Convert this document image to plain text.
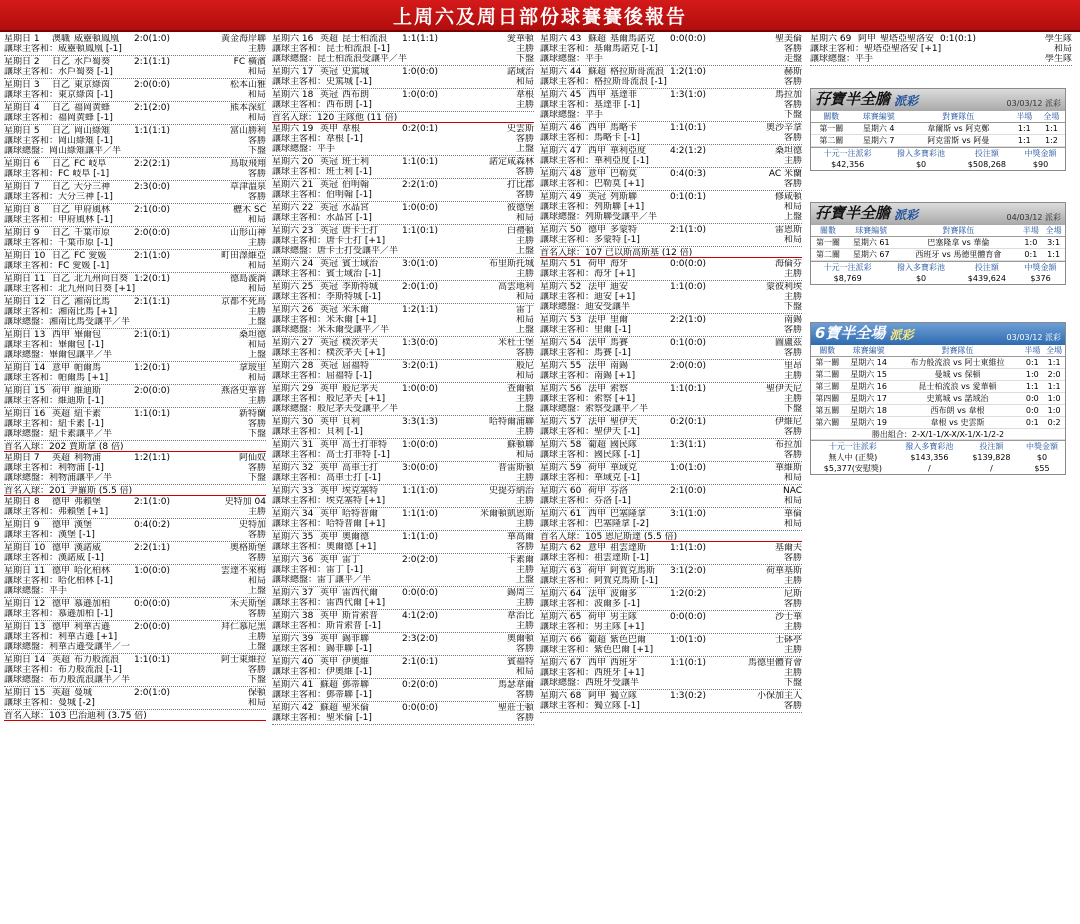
上周六及周日部份球賽賽後報告
星期日 1	澳職 威靈頓鳳凰	2:0(1:0)	黃金海岸聯
讓球主客和：威靈頓鳳凰 [-1]	主勝
星期日 2	日乙 水戶蜀葵	2:1(1:1)	FC 橫濱
讓球主客和：水戶蜀葵 [-1]	和局
星期日 3	日乙 東京綠茵	2:0(0:0)	松本山雅
讓球主客和：東京綠茵 [-1]	和局
星期日 4	日乙 福岡黄蜂	2:1(2:0)	熊本深紅
讓球主客和：福岡黄蜂 [-1]	和局
星期日 5	日乙 岡山綠雉	1:1(1:1)	富山勝利
讓球主客和：岡山綠雉 [-1]	客勝
讓球總盤：岡山綠雉讓平／半	下盤
星期日 6	日乙 FC 岐阜	2:2(2:1)	鳥取飛翔
讓球主客和：FC 岐阜 [-1]	客勝
星期日 7	日乙 大分三神	2:3(0:0)	草津溫泉
讓球主客和：大分三神 [-1]	客勝
星期日 8	日乙 甲府風林	2:1(0:0)	櫪木 SC
讓球主客和：甲府風林 [-1]	和局
星期日 9	日乙 千葉市原	2:0(0:0)	山形山神
讓球主客和：千葉市原 [-1]	主勝
星期日 10 日乙 FC 愛媛	2:1(1:0)	町田澤維亞
讓球主客和：FC 愛媛 [-1]	和局
星期日 11 日乙 北九州向日葵 1:2(0:1)	德島漩渦
讓球主客和：北九州向日葵 [+1]	和局
星期日 12 日乙 湘南比馬	2:1(1:1)	京都不死鳥
讓球主客和：湘南比馬 [+1]	主勝
讓球總盤：湘南比馬受讓平／半	上盤
星期日 13 西甲 畢爾包	2:1(0:1)	桑坦德
讓球主客和：畢爾包 [-1]	和局
讓球總盤：畢爾包讓平／半	上盤
星期日 14 意甲 帕爾馬	1:2(0:1)	拿玻里
讓球主客和：帕爾馬 [+1]	和局
星期日 15 荷甲 維迪斯	2:0(0:0)	燕洛史華普
讓球主客和：維迪斯 [-1]	主勝
星期日 16 英超 紐卡素	1:1(0:1)	新特蘭
讓球主客和：紐卡素 [-1]	客勝
讓球總盤：紐卡素讓平／半	下盤
首名入球：202 賈斯拿 (8 倍)
星期日 7	英超 利物浦	1:2(1:1)	阿仙奴
讓球主客和：利物浦 [-1]	客勝
讓球總盤：利物浦讓平／半	下盤
首名入球：201 尹羅斯 (5.5 倍)
星期日 8	德甲 弗賴堡	2:1(1:0)	史特加 04
讓球主客和：弗賴堡 [+1]	主勝
星期日 9	德甲 漢堡	0:4(0:2)	史特加
讓球主客和：漢堡 [-1]	客勝
星期日 10 德甲 漢諾威	2:2(1:1)	奧格斯堡
讓球主客和：漢諾威 [-1]	客勝
星期日 11 德甲 哈化柏林	1:0(0:0)	雲達不來梅
讓球主客和：哈化柏林 [-1]	和局
讓球總盤：平手	上盤
星期日 12 德甲 慕遜加柏	0:0(0:0)	禾夫斯堡
讓球主客和：慕遜加柏 [-1]	客勝
星期日 13 德甲 利華古遜	2:0(0:0)	拜仁慕尼黑
讓球主客和：利華古遜 [+1]	主勝
讓球總盤：利華古遜受讓半／一	上盤
星期日 14 英超 布力般流浪	1:1(0:1)	阿士東維拉
讓球主客和：布力般流浪 [-1]	客勝
讓球總盤：布力般流浪讓半／半	下盤
星期日 15 英超 曼城	2:0(1:0)	保頓
讓球主客和：曼城 [-2]	和局
首名入球：103 巴治迪利 (3.75 倍)
星期六 16 英超 昆士柏流浪	1:1(1:1)	愛華頓
讓球主客和：昆士柏流浪 [-1]	主勝
讓球總盤：昆士柏流浪受讓平／半	下盤
星期六 17 英冠 史篤城	1:0(0:0)	諾域治
讓球主客和：史篤城 [-1]	和局
星期六 18 英冠 西布朗	1:0(0:0)	韋根
讓球主客和：西布朗 [-1]	主勝
首名入球：120 主隊他 (11 倍)
星期六 19 英甲 韋根	0:2(0:1)	史雲斯
讓球主客和：韋根 [-1]	客勝
讓球總盤：平手	上盤
星期六 20 英冠 班士利	1:1(0:1)	諾定咸森林
讓球主客和：班士利 [-1]	客勝
星期六 21 英冠 伯明翰	2:2(1:0)	打比郡
讓球主客和：伯明翰 [-1]	客勝
星期六 22 英冠 水晶宮	1:0(0:0)	彼德堡
讓球主客和：水晶宮 [-1]	和局
星期六 23 英冠 唐卡士打	1:1(0:1)	白禮頓
讓球主客和：唐卡士打 [+1]	主勝
讓球總盤：唐卡士打受讓平／半	上盤
星期六 24 英冠 賓士域治	3:0(1:0)	布里斯托城
讓球主客和：賓士域治 [-1]	主勝
星期六 25 英冠 李斯特城	2:0(1:0)	高雲地利
讓球主客和：李斯特城 [-1]	和局
星期六 26 英冠 米禾爾	1:2(1:1)	雷丁
讓球主客和：米禾爾 [+1]	和局
讓球總盤：米禾爾受讓平／半	上盤
星期六 27 英冠 樸茨茅夫	1:3(0:0)	米杜士堡
讓球主客和：樸茨茅夫 [+1]	客勝
星期六 28 英冠 屈福特	3:2(0:1)	般尼
讓球主客和：屈福特 [-1]	和局
星期六 29 英甲 般尼茅夫	1:0(0:0)	查爾頓
讓球主客和：般尼茅夫 [+1]	主勝
讓球總盤：般尼茅夫受讓平／半	上盤
星期六 30 英甲 貝利	3:3(1:3)	哈特爾浦聯
讓球主客和：貝利 [-1]	主勝
星期六 31 英甲 高士打菲特	1:0(0:0)	蘇頓聯
讓球主客和：高士打菲特 [-1]	和局
星期六 32 英甲 高車士打	3:0(0:0)	普雷斯頓
讓球主客和：高車士打 [-1]	主勝
星期六 33 英甲 埃克塞特	1:1(1:0)	史提芬納治
讓球主客和：埃克塞特 [+1]	主勝
星期六 34 英甲 哈特普爾	1:1(1:0)	米爾頓凱恩斯
讓球主客和：哈特普爾 [+1]	主勝
星期六 35 英甲 奧爾德	1:1(1:0)	華高爾
讓球主客和：奧爾德 [+1]	客勝
星期六 36 英甲 雷丁	2:0(2:0)	卡素爾
讓球主客和：雷丁 [-1]	主勝
讓球總盤：雷丁讓平／半	上盤
星期六 37 英甲 雷西代爾	0:0(0:0)	錫周三
讓球主客和：雷西代爾 [+1]	主勝
星期六 38 英甲 斯肯索普	4:1(2:0)	韋治比
讓球主客和：斯肯索普 [-1]	主勝
星期六 39 英甲 錫菲聯	2:3(2:0)	奧爾頓
讓球主客和：錫菲聯 [-1]	客勝
星期六 40 英甲 伊奧維	2:1(0:1)	賓福特
讓球主客和：伊奧維 [-1]	和局
星期六 41 蘇超 鄧蒂聯	0:2(0:0)	馬瑟韋爾
讓球主客和：鄧蒂聯 [-1]	客勝
星期六 42 蘇超 聖米倫	0:0(0:0)	聖莊士頓
讓球主客和：聖米倫 [-1]	客勝
星期六 43 蘇超 基爾馬諾克	0:0(0:0)	聖美倫
讓球主客和：基爾馬諾克 [-1]	客勝
讓球總盤：平手	走盤
星期六 44 蘇超 格拉斯哥流浪 1:2(1:0)	赫斯
讓球主客和：格拉斯哥流浪 [-1]	客勝
星期六 45 西甲 基達菲	1:3(1:0)	馬拉加
讓球主客和：基達菲 [-1]	客勝
讓球總盤：平手	下盤
星期六 46 西甲 馬略卡	1:1(0:1)	奧沙辛拿
讓球主客和：馬略卡 [-1]	客勝
星期六 47 西甲 華利亞度	4:2(1:2)	桑坦德
讓球主客和：華利亞度 [-1]	主勝
星期六 48 意甲 巴勒莫	0:4(0:3)	AC 米蘭
讓球主客和：巴勒莫 [+1]	客勝
星期六 49 英冠 列斯聯	0:1(0:1)	修咸頓
讓球主客和：列斯聯 [+1]	和局
讓球總盤：列斯聯受讓平／半	上盤
星期六 50 德甲 多蒙特	2:1(1:0)	雷恩斯
讓球主客和：多蒙特 [-1]	和局
首名入球：107 已以斯高斯基 (12 倍)
星期六 51 荷甲 海牙	0:0(0:0)	海倫芬
讓球主客和：海牙 [+1]	主勝
星期六 52 法甲 迪安	1:1(0:0)	蒙彼利埃
讓球主客和：迪安 [+1]	主勝
讓球總盤：迪安受讓半	下盤
星期六 53 法甲 里爾	2:2(1:0)	南錫
讓球主客和：里爾 [-1]	客勝
星期六 54 法甲 馬賽	0:1(0:0)	圖盧茲
讓球主客和：馬賽 [-1]	客勝
星期六 55 法甲 南錫	2:0(0:0)	里昂
讓球主客和：南錫 [+1]	主勝
星期六 56 法甲 索察	1:1(0:1)	聖伊天尼
讓球主客和：索察 [+1]	主勝
讓球總盤：索察受讓平／半	下盤
星期六 57 法甲 聖伊天	0:2(0:1)	伊維尼
讓球主客和：聖伊天 [-1]	客勝
星期六 58 葡超 國民隊	1:3(1:1)	布拉加
讓球主客和：國民隊 [-1]	客勝
星期六 59 荷甲 華域克	1:0(1:0)	華維斯
讓球主客和：華域克 [-1]	和局
星期六 60 荷甲 芬洛	2:1(0:0)	NAC
讓球主客和：芬洛 [-1]	和局
星期六 61 西甲 巴塞隆拿	3:1(1:0)	華倫
讓球主客和：巴塞隆拿 [-2]	和局
首名入球：105 恩尼斯達 (5.5 倍)
星期六 62 意甲 祖雲達斯	1:1(1:0)	基爾夫
讓球主客和：祖雲達斯 [-1]	客勝
星期六 63 荷甲 阿賀克馬斯	3:1(2:0)	荷華基斯
讓球主客和：阿賀克馬斯 [-1]	主勝
星期六 64 法甲 波爾多	1:2(0:2)	尼斯
讓球主客和：波爾多 [-1]	客勝
星期六 65 荷甲 男主隊	0:0(0:0)	沙士華
讓球主客和：男主隊 [+1]	主勝
星期六 66 葡超 紫色巴爾	1:0(1:0)	士砵亭
讓球主客和：紫色巴爾 [+1]	主勝
星期六 67 西甲 西班牙	1:1(0:1)	馬德里體育會
讓球主客和：西班牙 [+1]	主勝
讓球總盤：西班牙受讓半	下盤
星期六 68 阿甲 獨立隊	1:3(0:2)	小保加主人
讓球主客和：獨立隊 [-1]	客勝
星期六 69 阿甲 聖塔亞聖洛安 0:1(0:1)	學生隊
讓球主客和：聖塔亞聖洛安 [+1]	和局
讓球總盤：平手	學生隊
孖寶半全膽 派彩	03/03/12 派彩
關數	球賽編號	對賽隊伍	半場	全場
第一關	星期六 4	韋爾斯 vs 阿克鄭	1:1	1:1
第二關	星期六 7	阿克雷斯 vs 阿曼	1:1	1:2
十元一注派彩	撥入多寶彩池	投注額	中獎金額
$42,356	$0	$508,268	$90
孖寶半全膽 派彩	04/03/12 派彩
關數	球賽編號	對賽隊伍	半場	全場
第一關	星期六 61	巴塞隆拿 vs 華倫	1:0	3:1
第二關	星期六 67	西班牙 vs 馬德里體育會	0:1	1:1
十元一注派彩	撥入多寶彩池	投注額	中獎金額
$8,769	$0	$439,624	$376
6寶半全場 派彩	03/03/12 派彩
關數	球賽編號	對賽隊伍	半場	全場
第一關	星期六 14	布力般流浪 vs 阿士東維拉	0:1	1:1
第二關	星期六 15	曼城 vs 保頓	1:0	2:0
第三關	星期六 16	昆士柏流浪 vs 愛華頓	1:1	1:1
第四關	星期六 17	史篤城 vs 諾域治	0:0	1:0
第五關	星期六 18	西布朗 vs 韋根	0:0	1:0
第六關	星期六 19	韋根 vs 史雲斯	0:1	0:2
勝出組合：2-X/1-1/X-X/X-1/X-1/2-2
十元一注派彩	撥入多寶彩池	投注額	中獎金額
無人中 (正獎)	$143,356	$139,828	$0
$5,377(安慰獎)	/	/	$55
